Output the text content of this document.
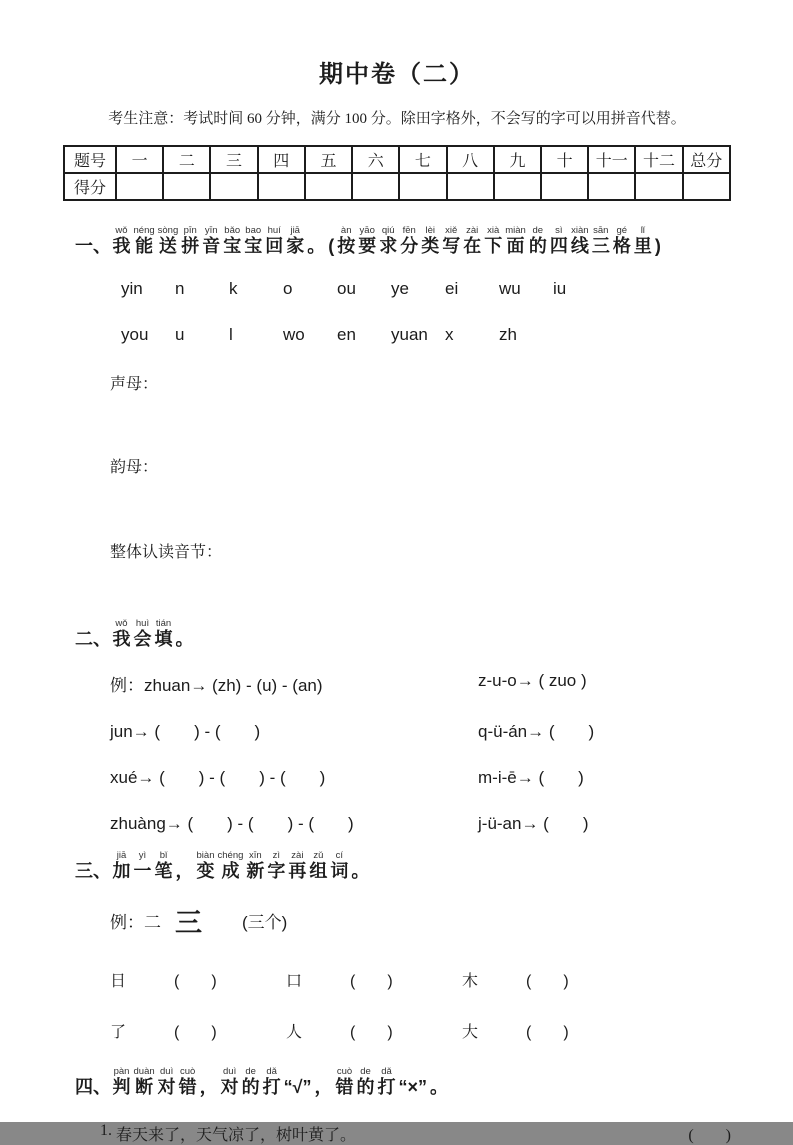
期中卷（二）

考生注意：考试时间 60 分钟，满分 100 分。除田字格外，不会写的字可以用拼音代替。

题号	一	二	三	四	五	六	七	八	九	十	十一	十二	总分
得分													
一、我wǒ能néng送sòng拼pīn音yīn宝bǎo宝bao回huí家jiā。 ( 按àn要yāo求qiú分fēn类lèi写xiě在zài下xià面miàn的de四sì线xiàn三sān格gé里lǐ)
yin	n	k	o	ou	ye	ei	wu	iu
you	u	l	wo	en	yuan	x	zh
声母：
韵母：
整体认读音节：
二、我wǒ会huì填tián。
例：zhuan→ (zh) - (u) - (an)	z-u-o→ ( zuo )
jun→ (　　) - (　　)	q-ü-án→ (　　)
xué→ (　　) - (　　) - (　　)	m-i-ē→ (　　)
zhuàng→ (　　) - (　　) - (　　)	j-ü-an→ (　　)
三、加jiā一yì笔bǐ， 变biàn成chéng新xīn字zì再zài组zǔ词cí。
例：二 三 (三个)
日	(　　)	口	(　　)	木	(　　)
了	(　　)	人	(　　)	大	(　　)
四、判pàn断duàn对duì错cuò， 对duì的de打dǎ“√” ， 错cuò的de打dǎ“×” 。
1. 春天来了，天气凉了，树叶黄了。	(　　)
